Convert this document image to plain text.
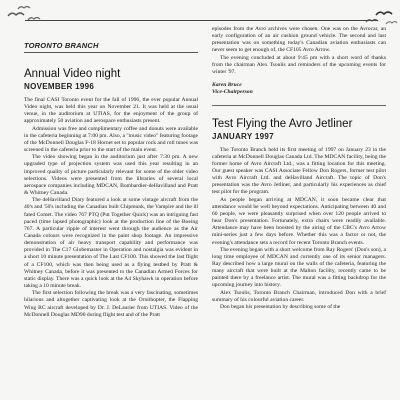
TORONTO BRANCH
Annual Video night
NOVEMBER 1996

The final CASI Toronto event for the fall of 1996, the ever popular Annual Video night, was held this year on November 21. It was held at the usual venue, in the auditorium at UTIAS, for the enjoyment of the group of approximately 50 aviation and aerospace enthusiasts present.

Admission was free and complimentary coffee and donuts were available in the cafeteria beginning at 7:00 pm. Also, a "music video" featuring footage of the McDonnell Douglas F-18 Hornet set to popular rock and roll tunes was screened in the cafeteria prior to the start of the main event.

The video showing began in the auditorium just after 7:30 pm. A new upgraded type of projection system was used this year resulting in an improved quality of picture particularly relevant for some of the older video selections. Videos were presented from the libraries of several local aerospace companies including MDCAN, Bombardier-deHavilland and Pratt & Whitney Canada.

The deHavilland Diary featured a look at some vintage aircraft from the 40's and '50's including the Canadian built Chipmunk, the Vampire and the ill fated Comet. The video 767 PTQ (Put Together Quick) was an intriguing fast paced (time lapsed photographic) look at the production line of the Boeing 767. A particular ripple of interest went through the audience as the Air Canada colours were recognized in the paint shop footage. An impressive demonstration of air heavy transport capability and performance was provided in The C17 Globemaster in Operation and nostalgia was evident in a short 10 minute presentation of The Last CF100. This showed the last flight of a CF100, which was then being used as a flying testbed by Pratt & Whitney Canada, before it was presented to the Canadian Armed Forces for static display. There was a quick look at the A4 Skyhawk in operation before taking a 10 minute break.

The first selection following the break was a very fascinating, sometimes hilarious and altogether captivating look at the Ornithopter, the Flapping Wing RC aircraft developed by Dr. J. DeLaurier from UTIAS. Video of the McDonnell Douglas MD90 during flight test and of the Pratt

episodes from the Avro archives were chosen. One was on the Avrocar, an early configuration of an air cushion ground vehicle. The second and last presentation was on something today's Canadian aviation enthusiasts can never seem to get enough of, the CF105 Avro Arrow.

The evening concluded at about 9:45 pm with a short word of thanks from the chairman Alex Tsoulis and reminders of the upcoming events for winter '97.

Karen Bruce
Vice-Chairperson
Test Flying the Avro Jetliner
JANUARY 1997

The Toronto Branch held its first meeting of 1997 on January 23 in the cafeteria at McDonnell Douglas Canada Ltd. The MDCAN facility, being the former home of Avro Aircraft Ltd., was a fitting location for this meeting. Our guest speaker was CASI Associate Fellow Don Rogers, former test pilot with Avro Aircraft Ltd. and deHavilland Aircraft. The topic of Don's presentation was the Avro Jetliner, and particularly his experiences as chief test pilot for the program.

As people began arriving at MDCAN, it soon became clear that attendance would be well beyond expectations. Anticipating between 40 and 60 people, we were pleasantly surprised when over 120 people arrived to hear Don's presentation. Fortunately, extra chairs were readily available. Attendance may have been boosted by the airing of the CBC's Avro Arrow mini-series just a few days before. Whether this was a factor or not, the evening's attendance sets a record for recent Toronto Branch events.

The evening began with a short welcome from Ray Rogers' (Don's son), a long time employee of MDCAN and currently one of its senior managers. Ray described how a large mural on the walls of the cafeteria, featuring the many aircraft that were built at the Malton facility, recently came to be painted there by a freelance artist. The mural was a fitting backdrop for the upcoming journey into history.

Alex Tsoulis, Toronto Branch Chairman, introduced Don with a brief summary of his colourful aviation career.

Don began his presentation by describing some of the
